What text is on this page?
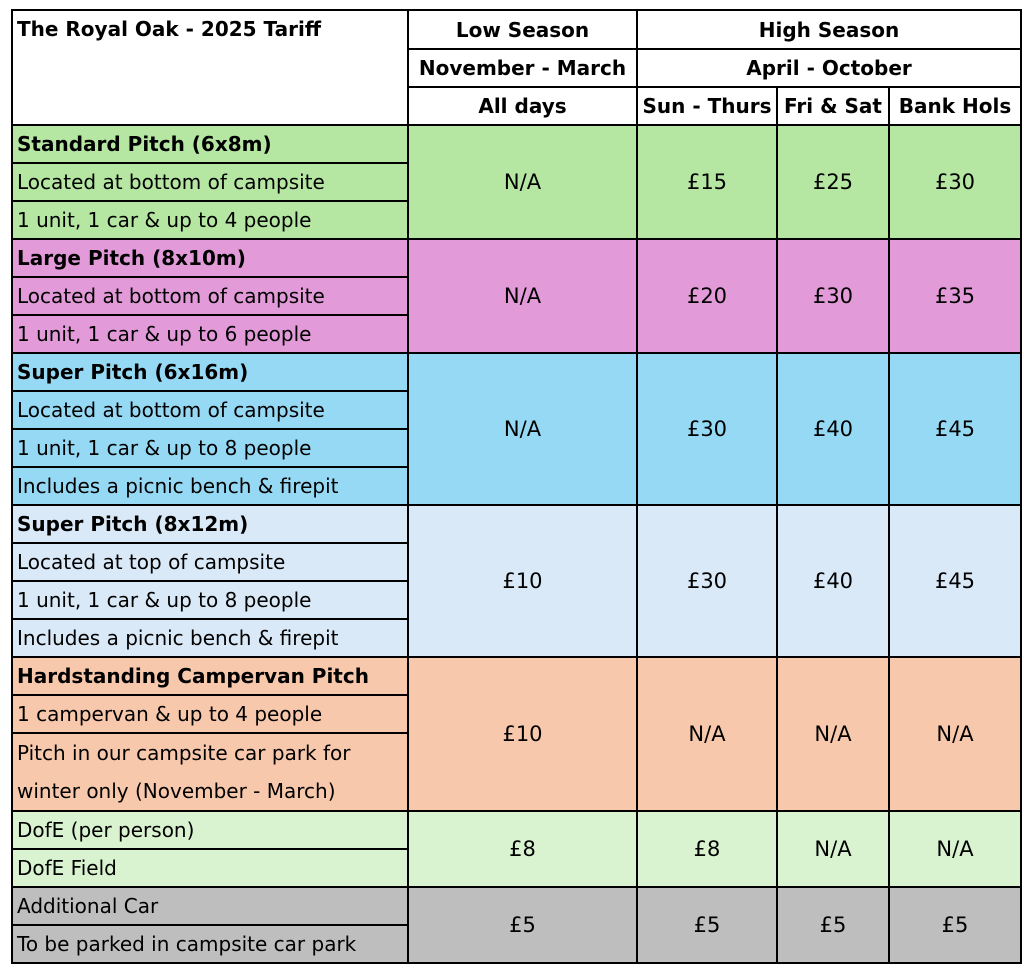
The Royal Oak - 2025 Tariff	Low Season	High Season		
	November - March	April - October		
	All days	Sun - Thurs	Fri & Sat	Bank Hols
Standard Pitch (6x8m)	N/A	£15	£25	£30
Located at bottom of campsite				
1 unit, 1 car & up to 4 people				
Large Pitch (8x10m)	N/A	£20	£30	£35
Located at bottom of campsite				
1 unit, 1 car & up to 6 people				
Super Pitch (6x16m)	N/A	£30	£40	£45
Located at bottom of campsite				
1 unit, 1 car & up to 8 people				
Includes a picnic bench & firepit				
Super Pitch (8x12m)	£10	£30	£40	£45
Located at top of campsite				
1 unit, 1 car & up to 8 people				
Includes a picnic bench & firepit				
Hardstanding Campervan Pitch	£10	N/A	N/A	N/A
1 campervan & up to 4 people				
Pitch in our campsite car park for
winter only (November - March)				
DofE (per person)	£8	£8	N/A	N/A
DofE Field				
Additional Car	£5	£5	£5	£5
To be parked in campsite car park				
